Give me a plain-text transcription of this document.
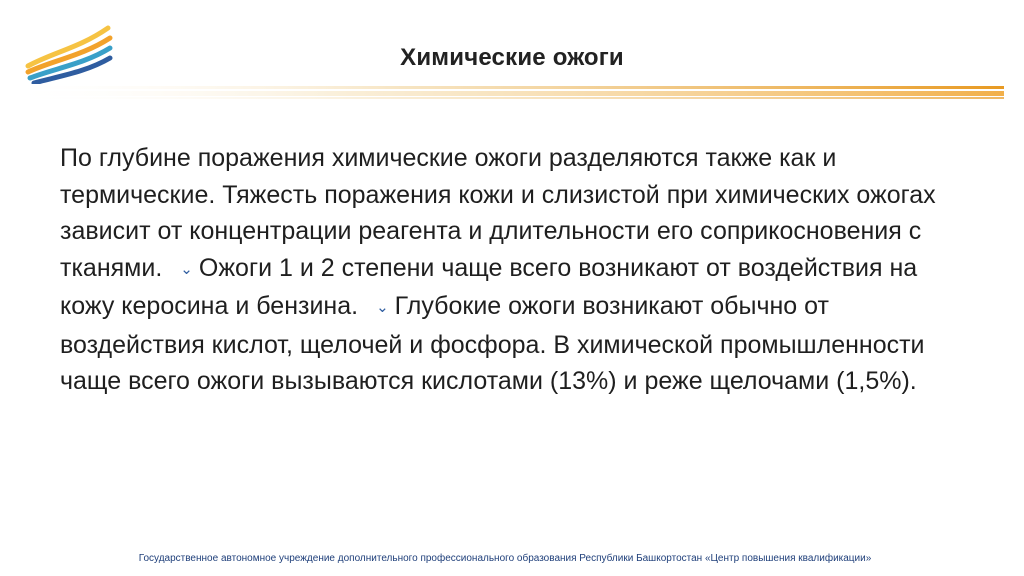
Химические ожоги
По глубине поражения химические ожоги разделяются также как и термические. Тяжесть поражения кожи и слизистой при химических ожогах зависит от концентрации реагента и длительности его соприкосновения с тканями. ⌄ Ожоги 1 и 2 степени чаще всего возникают от воздействия на кожу керосина и бензина. ⌄ Глубокие ожоги возникают обычно от воздействия кислот, щелочей и фосфора. В химической промышленности чаще всего ожоги вызываются кислотами (13%) и реже щелочами (1,5%).
Государственное автономное учреждение дополнительного профессионального образования Республики Башкортостан «Центр повышения квалификации»
